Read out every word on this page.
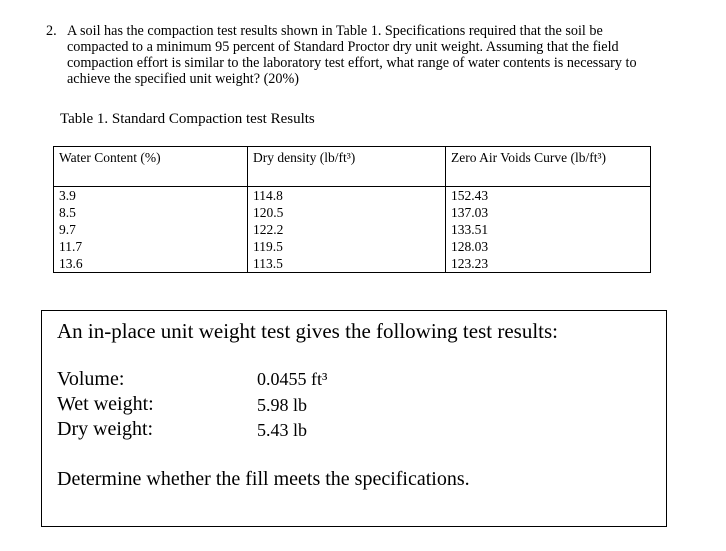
2. A soil has the compaction test results shown in Table 1. Specifications required that the soil be compacted to a minimum 95 percent of Standard Proctor dry unit weight. Assuming that the field compaction effort is similar to the laboratory test effort, what range of water contents is necessary to achieve the specified unit weight? (20%)
Table 1. Standard Compaction test Results
Water Content (%)	Dry density (lb/ft³)	Zero Air Voids Curve (lb/ft³)
3.9	114.8	152.43
8.5	120.5	137.03
9.7	122.2	133.51
11.7	119.5	128.03
13.6	113.5	123.23
An in-place unit weight test gives the following test results:
Volume:	0.0455 ft³
Wet weight:	5.98 lb
Dry weight:	5.43 lb
Determine whether the fill meets the specifications.
